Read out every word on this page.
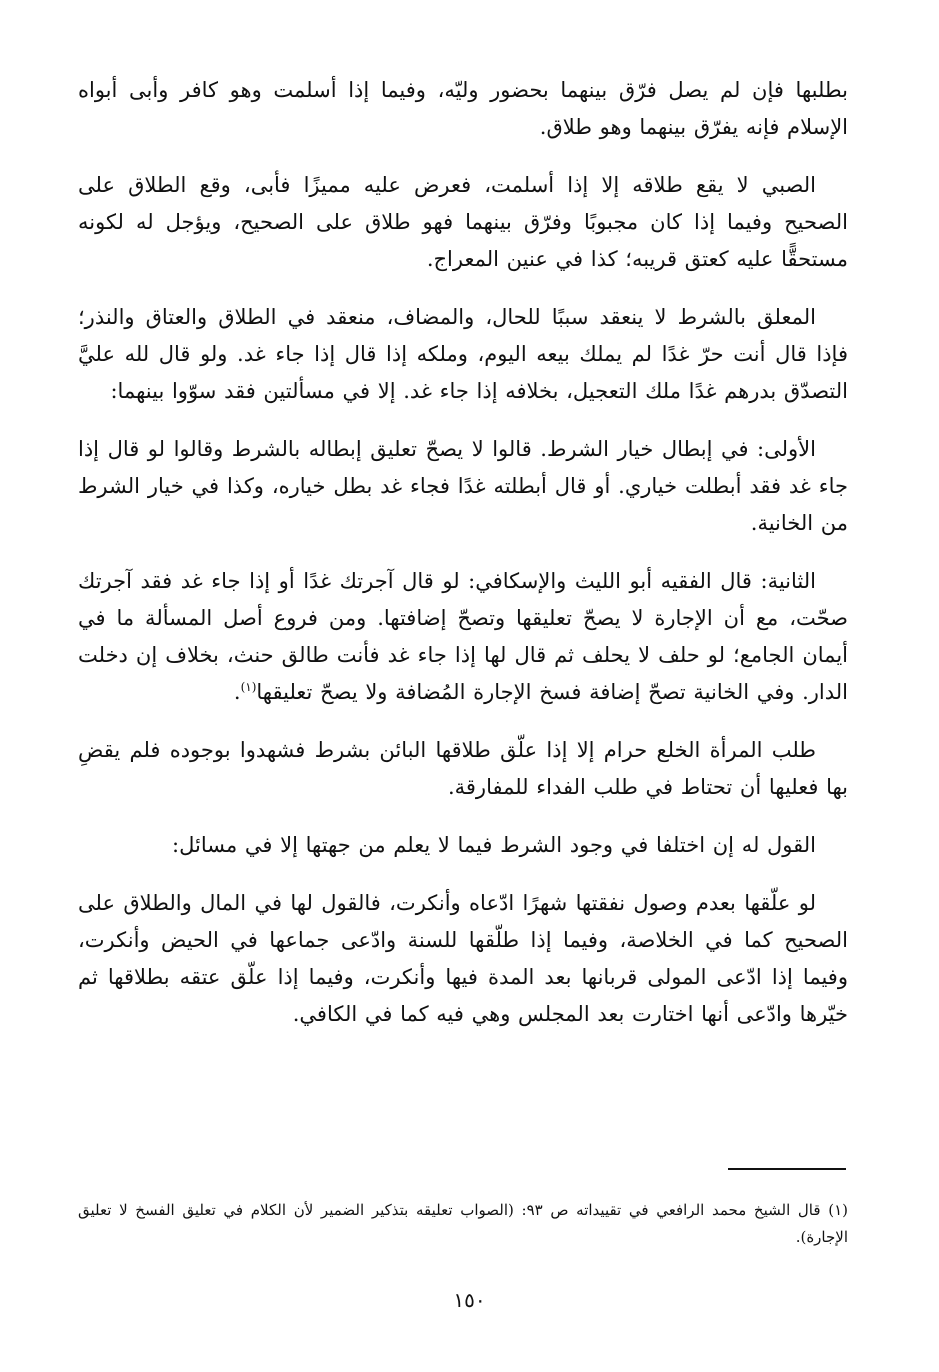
بطلبها فإن لم يصل فرّق بينهما بحضور وليّه، وفيما إذا أسلمت وهو كافر وأبى أبواه الإسلام فإنه يفرّق بينهما وهو طلاق.

الصبي لا يقع طلاقه إلا إذا أسلمت، فعرض عليه مميزًا فأبى، وقع الطلاق على الصحيح وفيما إذا كان مجبوبًا وفرّق بينهما فهو طلاق على الصحيح، ويؤجل له لكونه مستحقًّا عليه كعتق قريبه؛ كذا في عنين المعراج.

المعلق بالشرط لا ينعقد سببًا للحال، والمضاف، منعقد في الطلاق والعتاق والنذر؛ فإذا قال أنت حرّ غدًا لم يملك بيعه اليوم، وملكه إذا قال إذا جاء غد. ولو قال لله عليَّ التصدّق بدرهم غدًا ملك التعجيل، بخلافه إذا جاء غد. إلا في مسألتين فقد سوّوا بينهما:

الأولى: في إبطال خيار الشرط. قالوا لا يصحّ تعليق إبطاله بالشرط وقالوا لو قال إذا جاء غد فقد أبطلت خياري. أو قال أبطلته غدًا فجاء غد بطل خياره، وكذا في خيار الشرط من الخانية.

الثانية: قال الفقيه أبو الليث والإسكافي: لو قال آجرتك غدًا أو إذا جاء غد فقد آجرتك صحّت، مع أن الإجارة لا يصحّ تعليقها وتصحّ إضافتها. ومن فروع أصل المسألة ما في أيمان الجامع؛ لو حلف لا يحلف ثم قال لها إذا جاء غد فأنت طالق حنث، بخلاف إن دخلت الدار. وفي الخانية تصحّ إضافة فسخ الإجارة المُضافة ولا يصحّ تعليقها$^{(١)}$.

طلب المرأة الخلع حرام إلا إذا علّق طلاقها البائن بشرط فشهدوا بوجوده فلم يقضِ بها فعليها أن تحتاط في طلب الفداء للمفارقة.

القول له إن اختلفا في وجود الشرط فيما لا يعلم من جهتها إلا في مسائل:

لو علّقها بعدم وصول نفقتها شهرًا ادّعاه وأنكرت، فالقول لها في المال والطلاق على الصحيح كما في الخلاصة، وفيما إذا طلّقها للسنة وادّعى جماعها في الحيض وأنكرت، وفيما إذا ادّعى المولى قربانها بعد المدة فيها وأنكرت، وفيما إذا علّق عتقه بطلاقها ثم خيّرها وادّعى أنها اختارت بعد المجلس وهي فيه كما في الكافي.

(١) قال الشيخ محمد الرافعي في تقييداته ص ٩٣: (الصواب تعليقه بتذكير الضمير لأن الكلام في تعليق الفسخ لا تعليق الإجارة).

١٥٠
